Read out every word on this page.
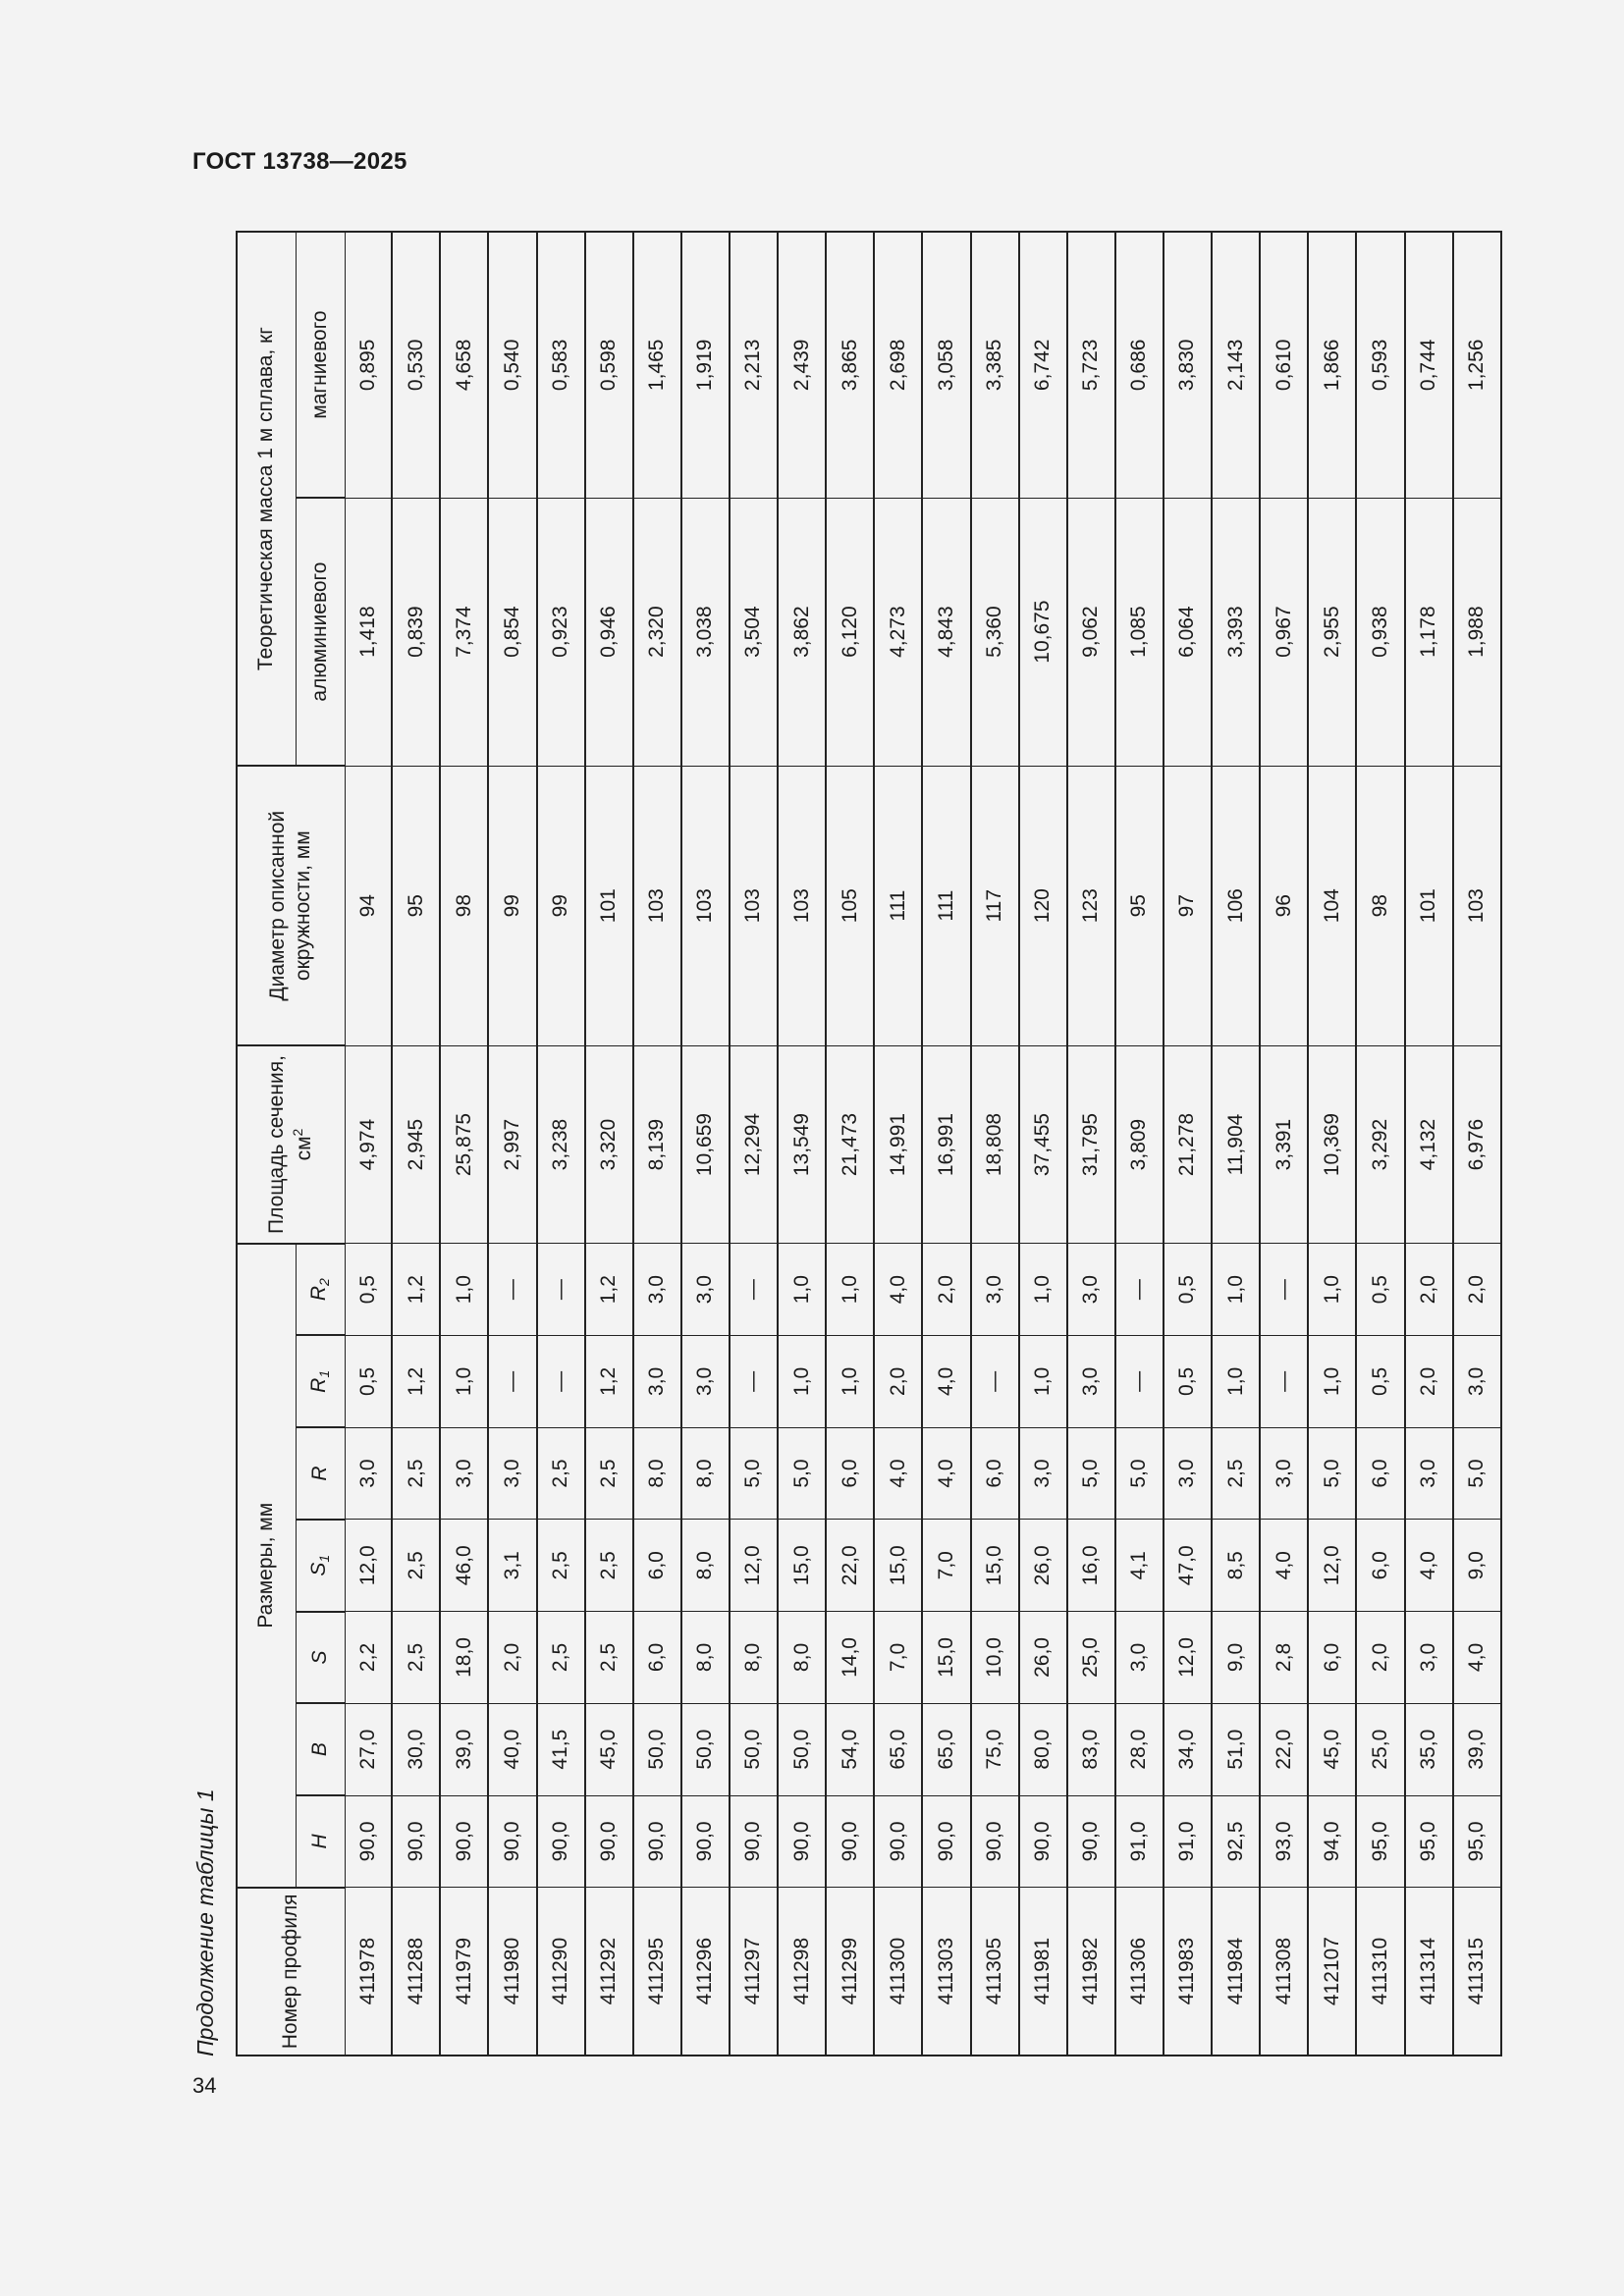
ГОСТ 13738—2025
Продолжение таблицы 1
34
Номер профиля	Размеры, мм							Площадь сечения, $см^2$	Диаметр описанной окружности, мм	Теоретическая масса 1 м сплава, кг	
	H	B	S	$S_1$	R	$R_1$	$R_2$			алюминиевого	магниевого
411978	90,0	27,0	2,2	12,0	3,0	0,5	0,5	4,974	94	1,418	0,895
411288	90,0	30,0	2,5	2,5	2,5	1,2	1,2	2,945	95	0,839	0,530
411979	90,0	39,0	18,0	46,0	3,0	1,0	1,0	25,875	98	7,374	4,658
411980	90,0	40,0	2,0	3,1	3,0	—	—	2,997	99	0,854	0,540
411290	90,0	41,5	2,5	2,5	2,5	—	—	3,238	99	0,923	0,583
411292	90,0	45,0	2,5	2,5	2,5	1,2	1,2	3,320	101	0,946	0,598
411295	90,0	50,0	6,0	6,0	8,0	3,0	3,0	8,139	103	2,320	1,465
411296	90,0	50,0	8,0	8,0	8,0	3,0	3,0	10,659	103	3,038	1,919
411297	90,0	50,0	8,0	12,0	5,0	—	—	12,294	103	3,504	2,213
411298	90,0	50,0	8,0	15,0	5,0	1,0	1,0	13,549	103	3,862	2,439
411299	90,0	54,0	14,0	22,0	6,0	1,0	1,0	21,473	105	6,120	3,865
411300	90,0	65,0	7,0	15,0	4,0	2,0	4,0	14,991	111	4,273	2,698
411303	90,0	65,0	15,0	7,0	4,0	4,0	2,0	16,991	111	4,843	3,058
411305	90,0	75,0	10,0	15,0	6,0	—	3,0	18,808	117	5,360	3,385
411981	90,0	80,0	26,0	26,0	3,0	1,0	1,0	37,455	120	10,675	6,742
411982	90,0	83,0	25,0	16,0	5,0	3,0	3,0	31,795	123	9,062	5,723
411306	91,0	28,0	3,0	4,1	5,0	—	—	3,809	95	1,085	0,686
411983	91,0	34,0	12,0	47,0	3,0	0,5	0,5	21,278	97	6,064	3,830
411984	92,5	51,0	9,0	8,5	2,5	1,0	1,0	11,904	106	3,393	2,143
411308	93,0	22,0	2,8	4,0	3,0	—	—	3,391	96	0,967	0,610
412107	94,0	45,0	6,0	12,0	5,0	1,0	1,0	10,369	104	2,955	1,866
411310	95,0	25,0	2,0	6,0	6,0	0,5	0,5	3,292	98	0,938	0,593
411314	95,0	35,0	3,0	4,0	3,0	2,0	2,0	4,132	101	1,178	0,744
411315	95,0	39,0	4,0	9,0	5,0	3,0	2,0	6,976	103	1,988	1,256
